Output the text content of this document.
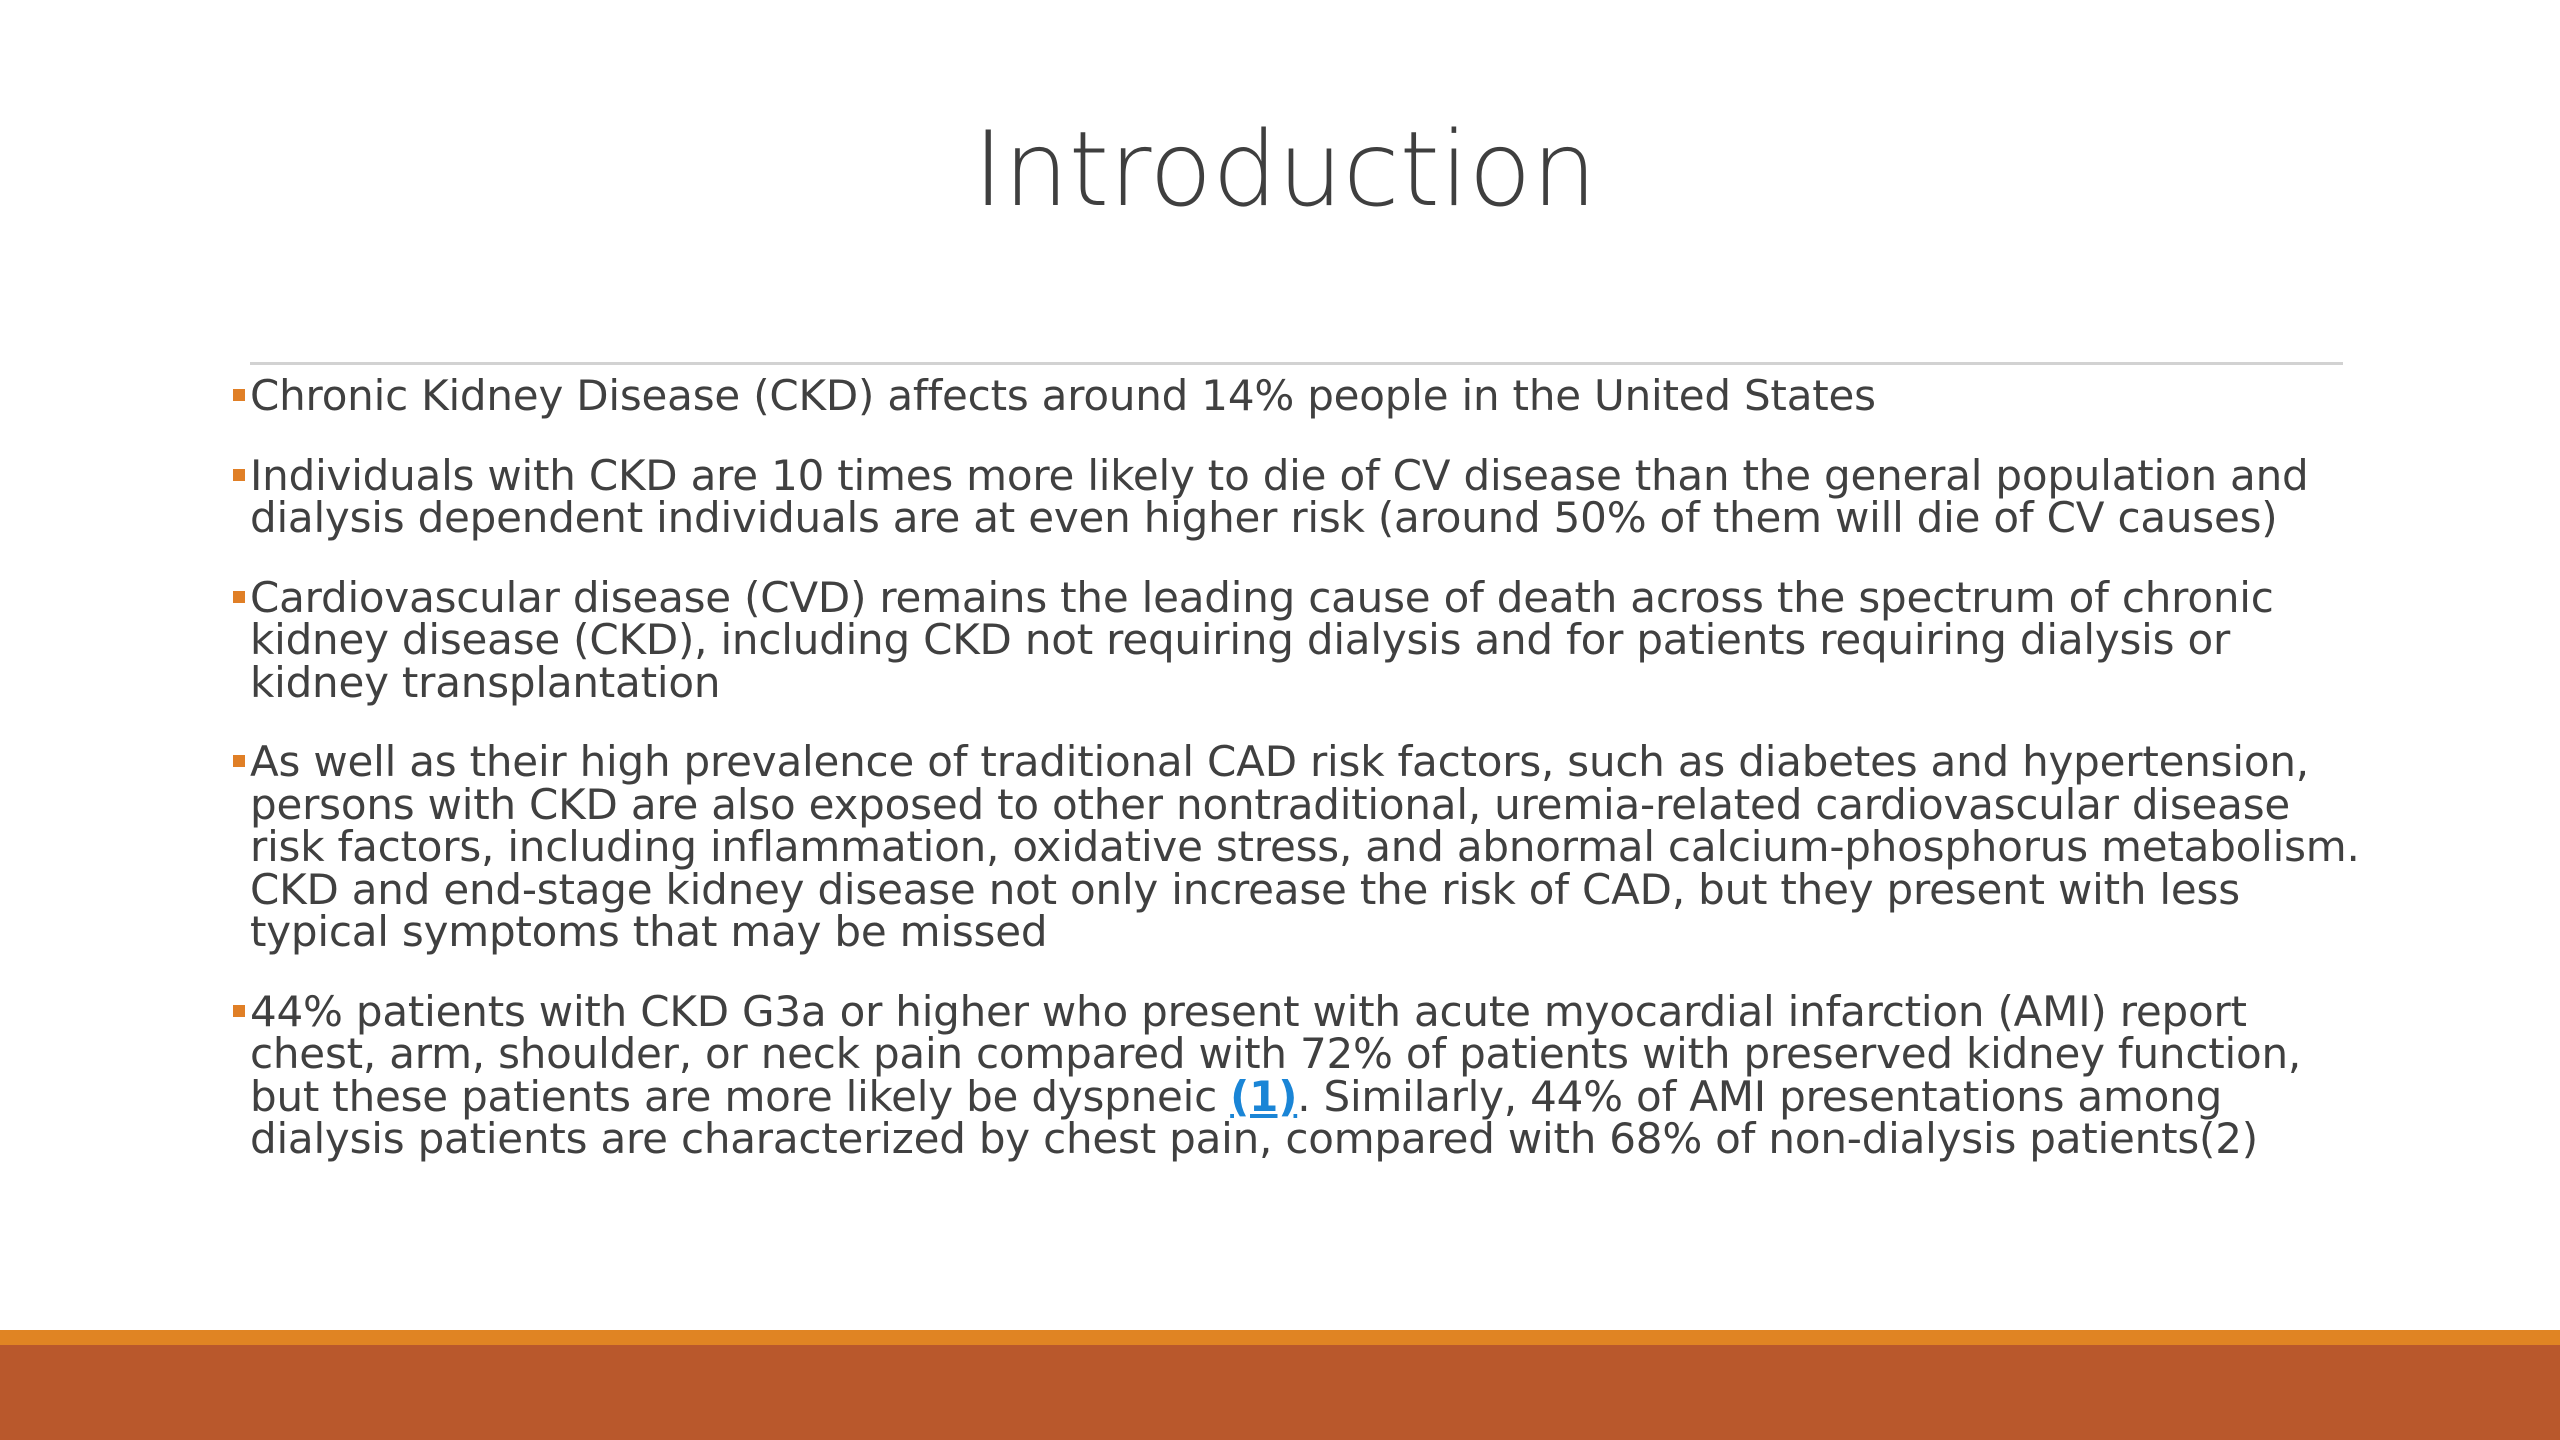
Introduction
Chronic Kidney Disease (CKD) affects around 14% people in the United States
Individuals with CKD are 10 times more likely to die of CV disease than the general population and dialysis dependent individuals are at even higher risk (around 50% of them will die of CV causes)
Cardiovascular disease (CVD) remains the leading cause of death across the spectrum of chronic kidney disease (CKD), including CKD not requiring dialysis and for patients requiring dialysis or kidney transplantation
As well as their high prevalence of traditional CAD risk factors, such as diabetes and hypertension, persons with CKD are also exposed to other nontraditional, uremia-related cardiovascular disease risk factors, including inflammation, oxidative stress, and abnormal calcium-phosphorus metabolism. CKD and end-stage kidney disease not only increase the risk of CAD, but they present with less typical symptoms that may be missed
44% patients with CKD G3a or higher who present with acute myocardial infarction (AMI) report chest, arm, shoulder, or neck pain compared with 72% of patients with preserved kidney function, but these patients are more likely be dyspneic (1). Similarly, 44% of AMI presentations among dialysis patients are characterized by chest pain, compared with 68% of non-dialysis patients(2)
